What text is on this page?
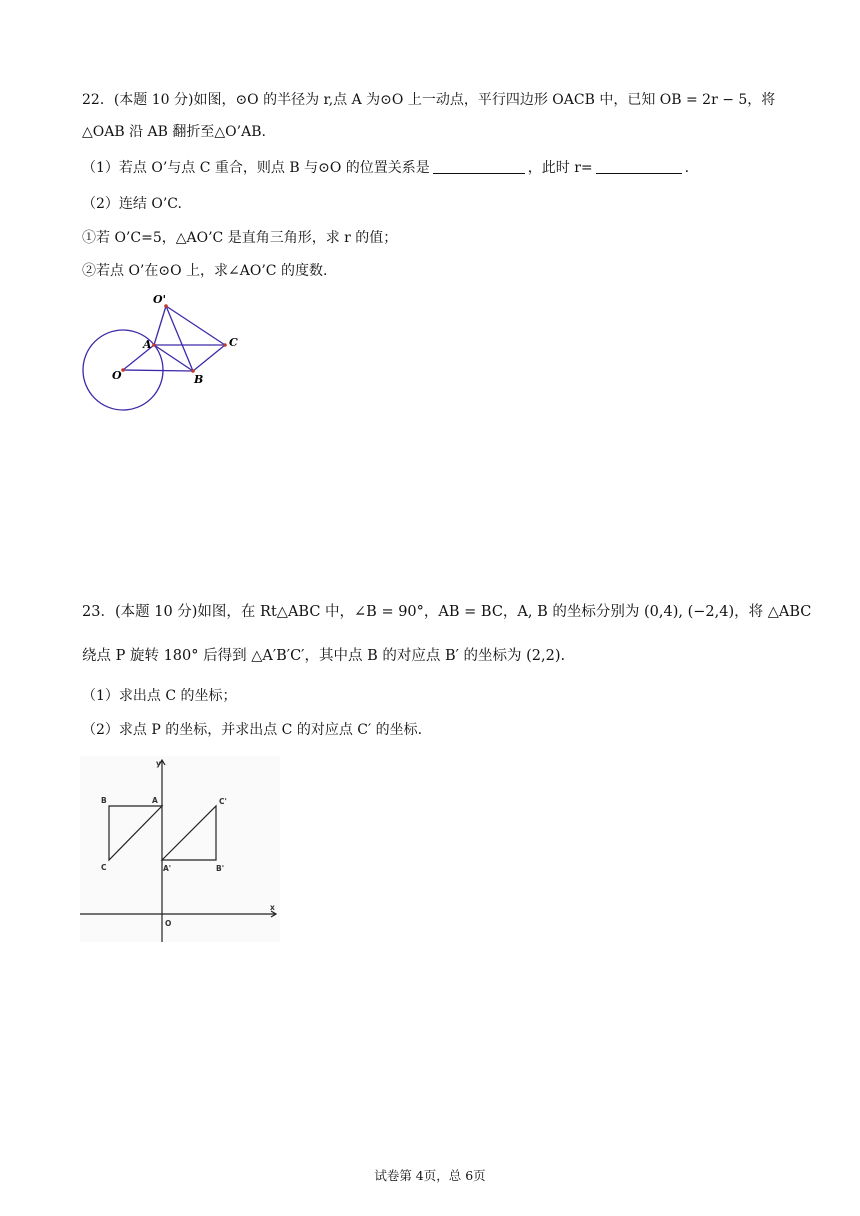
22．(本题 10 分)如图，⊙O 的半径为 r,点 A 为⊙O 上一动点，平行四边形 OACB 中，已知 OB = 2r − 5，将
△OAB 沿 AB 翻折至△O’AB.
（1）若点 O’与点 C 重合，则点 B 与⊙O 的位置关系是	，此时 r=	.
（2）连结 O’C.
①若 O’C=5，△AO’C 是直角三角形，求 r 的值；
②若点 O’在⊙O 上，求∠AO’C 的度数.
O'
A	C
O	B
23．(本题 10 分)如图，在 Rt△ABC 中，∠B = 90°，AB = BC，A, B 的坐标分别为 (0,4), (−2,4)，将 △ABC
绕点 P 旋转 180° 后得到 △A′B′C′，其中点 B 的对应点 B′ 的坐标为 (2,2).
（1）求出点 C 的坐标；
（2）求点 P 的坐标，并求出点 C 的对应点 C′ 的坐标.
y
x
O
B	A
C
C'
A'	B'
试卷第 4页，总 6页
